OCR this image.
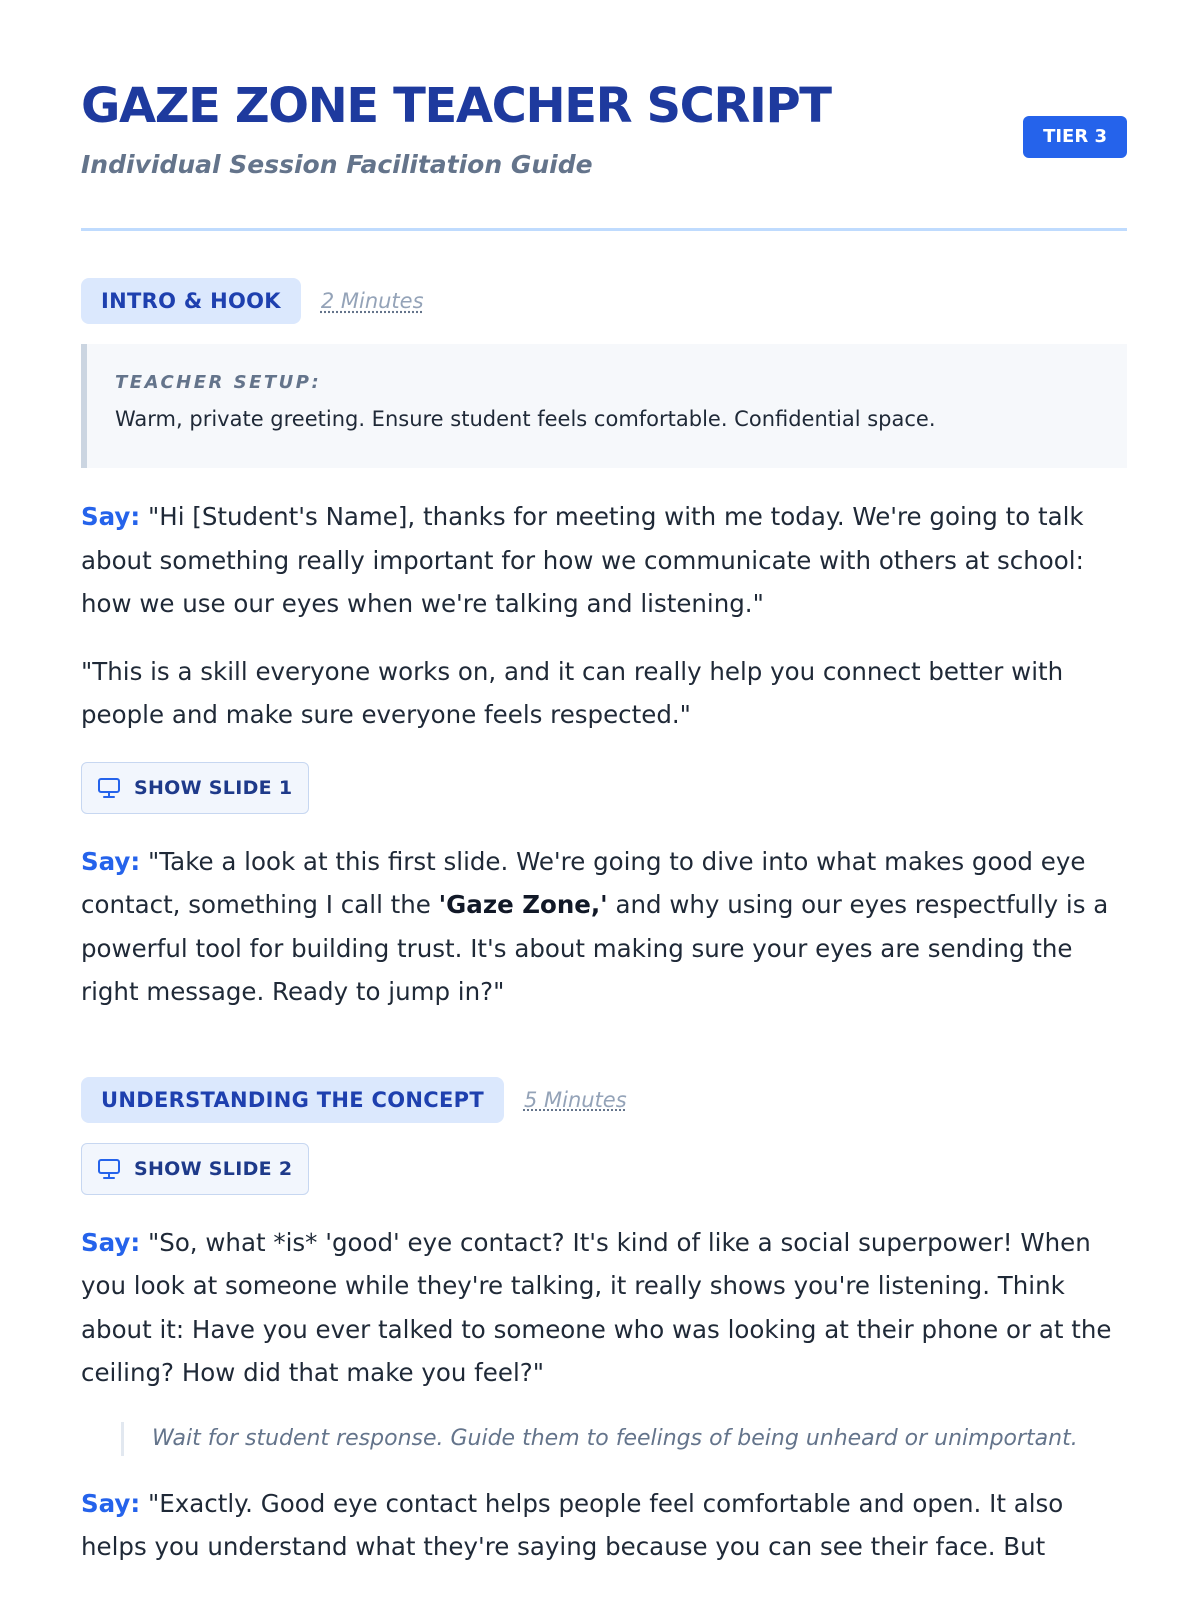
GAZE ZONE TEACHER SCRIPT
Individual Session Facilitation Guide
TIER 3
INTRO & HOOK	2 Minutes
TEACHER SETUP:
Warm, private greeting. Ensure student feels comfortable. Confidential space.

Say: "Hi [Student's Name], thanks for meeting with me today. We're going to talk about something really important for how we communicate with others at school: how we use our eyes when we're talking and listening."

"This is a skill everyone works on, and it can really help you connect better with people and make sure everyone feels respected."

SHOW SLIDE 1

Say: "Take a look at this first slide. We're going to dive into what makes good eye contact, something I call the 'Gaze Zone,' and why using our eyes respectfully is a powerful tool for building trust. It's about making sure your eyes are sending the right message. Ready to jump in?"

UNDERSTANDING THE CONCEPT	5 Minutes
SHOW SLIDE 2

Say: "So, what *is* 'good' eye contact? It's kind of like a social superpower! When you look at someone while they're talking, it really shows you're listening. Think about it: Have you ever talked to someone who was looking at their phone or at the ceiling? How did that make you feel?"

Wait for student response. Guide them to feelings of being unheard or unimportant.

Say: "Exactly. Good eye contact helps people feel comfortable and open. It also helps you understand what they're saying because you can see their face. But
